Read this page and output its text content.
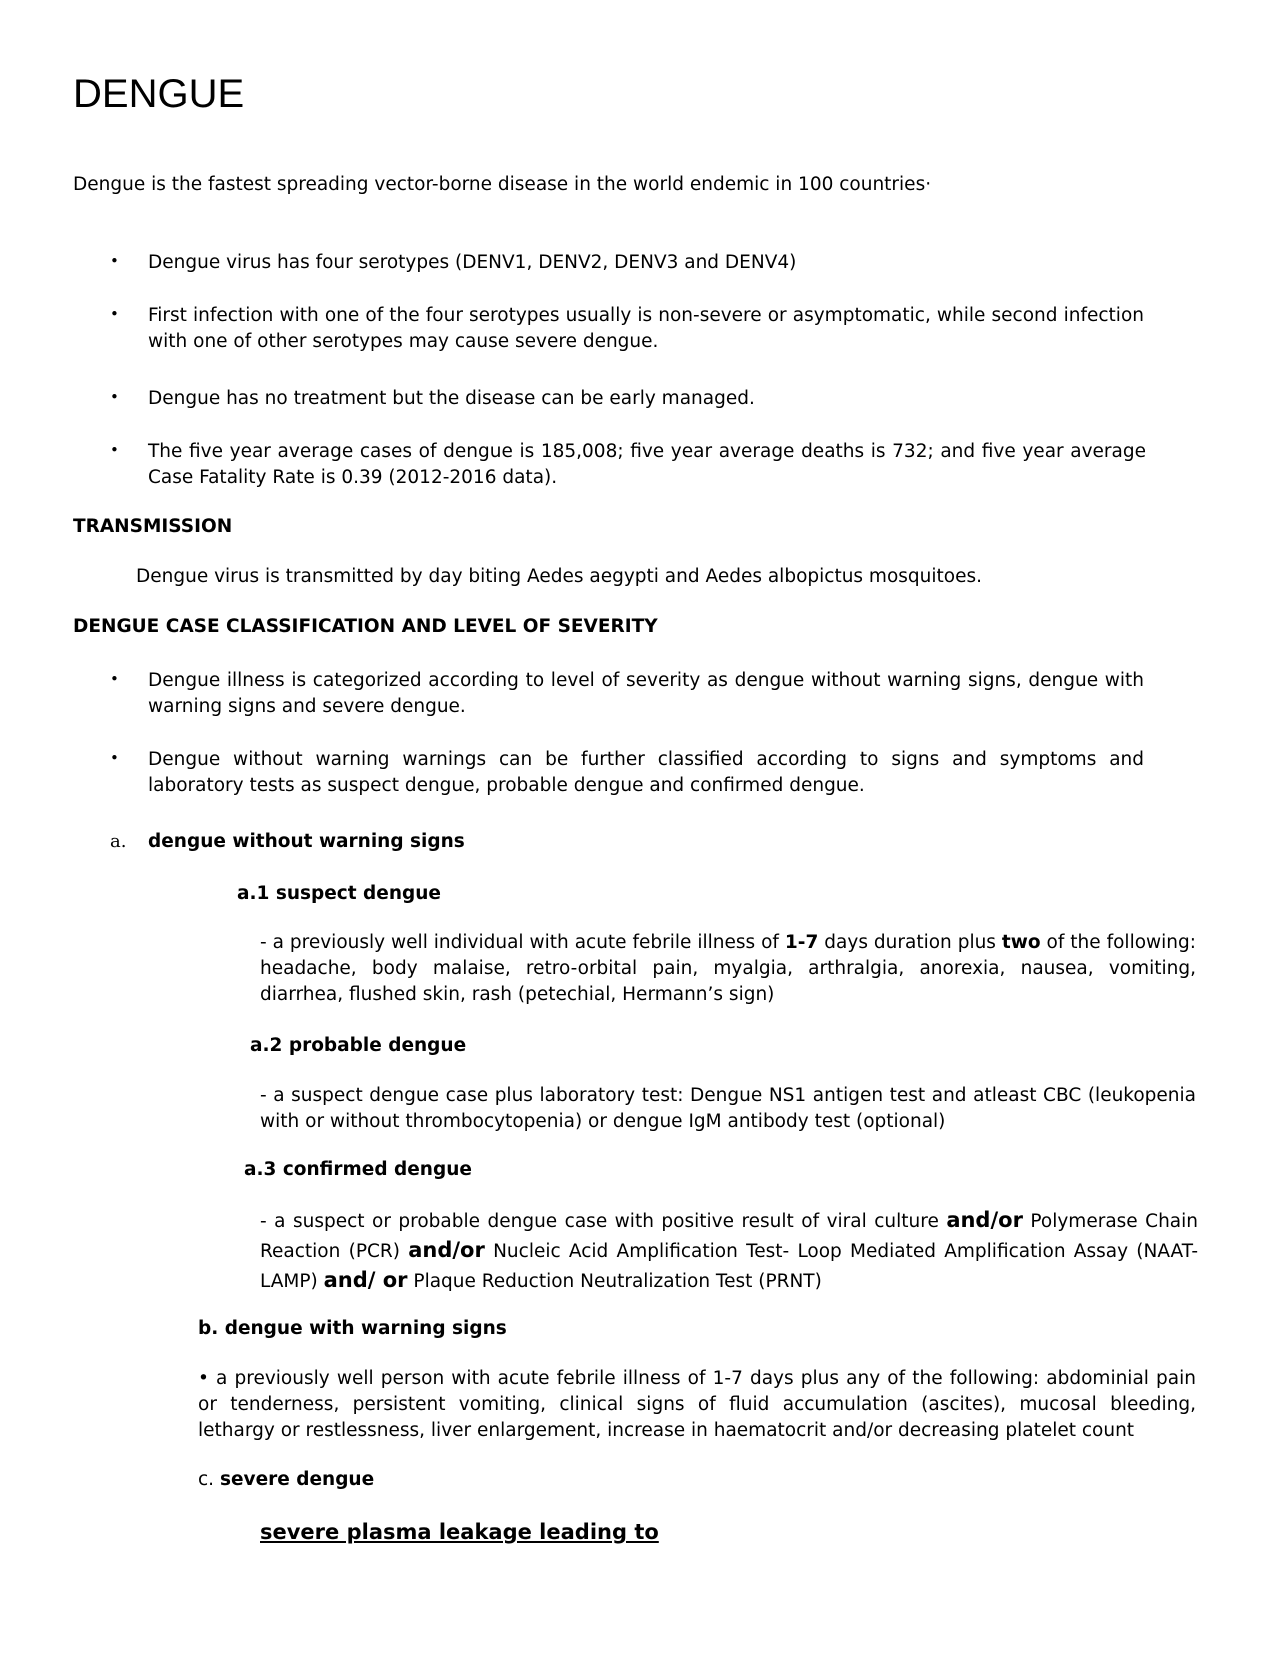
DENGUE

Dengue is the fastest spreading vector-borne disease in the world endemic in 100 countries·

• Dengue virus has four serotypes (DENV1, DENV2, DENV3 and DENV4)

• First infection with one of the four serotypes usually is non-severe or asymptomatic, while second infection with one of other serotypes may cause severe dengue.

• Dengue has no treatment but the disease can be early managed.

• The five year average cases of dengue is 185,008; five year average deaths is 732; and five year average Case Fatality Rate is 0.39 (2012-2016 data).

TRANSMISSION

Dengue virus is transmitted by day biting Aedes aegypti and Aedes albopictus mosquitoes.

DENGUE CASE CLASSIFICATION AND LEVEL OF SEVERITY

• Dengue illness is categorized according to level of severity as dengue without warning signs, dengue with warning signs and severe dengue.

• Dengue without warning warnings can be further classified according to signs and symptoms and laboratory tests as suspect dengue, probable dengue and confirmed dengue.

a. dengue without warning signs

a.1 suspect dengue

- a previously well individual with acute febrile illness of 1-7 days duration plus two of the following: headache, body malaise, retro-orbital pain, myalgia, arthralgia, anorexia, nausea, vomiting, diarrhea, flushed skin, rash (petechial, Hermann’s sign)

a.2 probable dengue

- a suspect dengue case plus laboratory test: Dengue NS1 antigen test and atleast CBC (leukopenia with or without thrombocytopenia) or dengue IgM antibody test (optional)

a.3 confirmed dengue

- a suspect or probable dengue case with positive result of viral culture and/or Polymerase Chain Reaction (PCR) and/or Nucleic Acid Amplification Test- Loop Mediated Amplification Assay (NAAT-LAMP) and/ or Plaque Reduction Neutralization Test (PRNT)

b. dengue with warning signs

• a previously well person with acute febrile illness of 1-7 days plus any of the following: abdominial pain or tenderness, persistent vomiting, clinical signs of fluid accumulation (ascites), mucosal bleeding, lethargy or restlessness, liver enlargement, increase in haematocrit and/or decreasing platelet count

c. severe dengue

severe plasma leakage leading to
